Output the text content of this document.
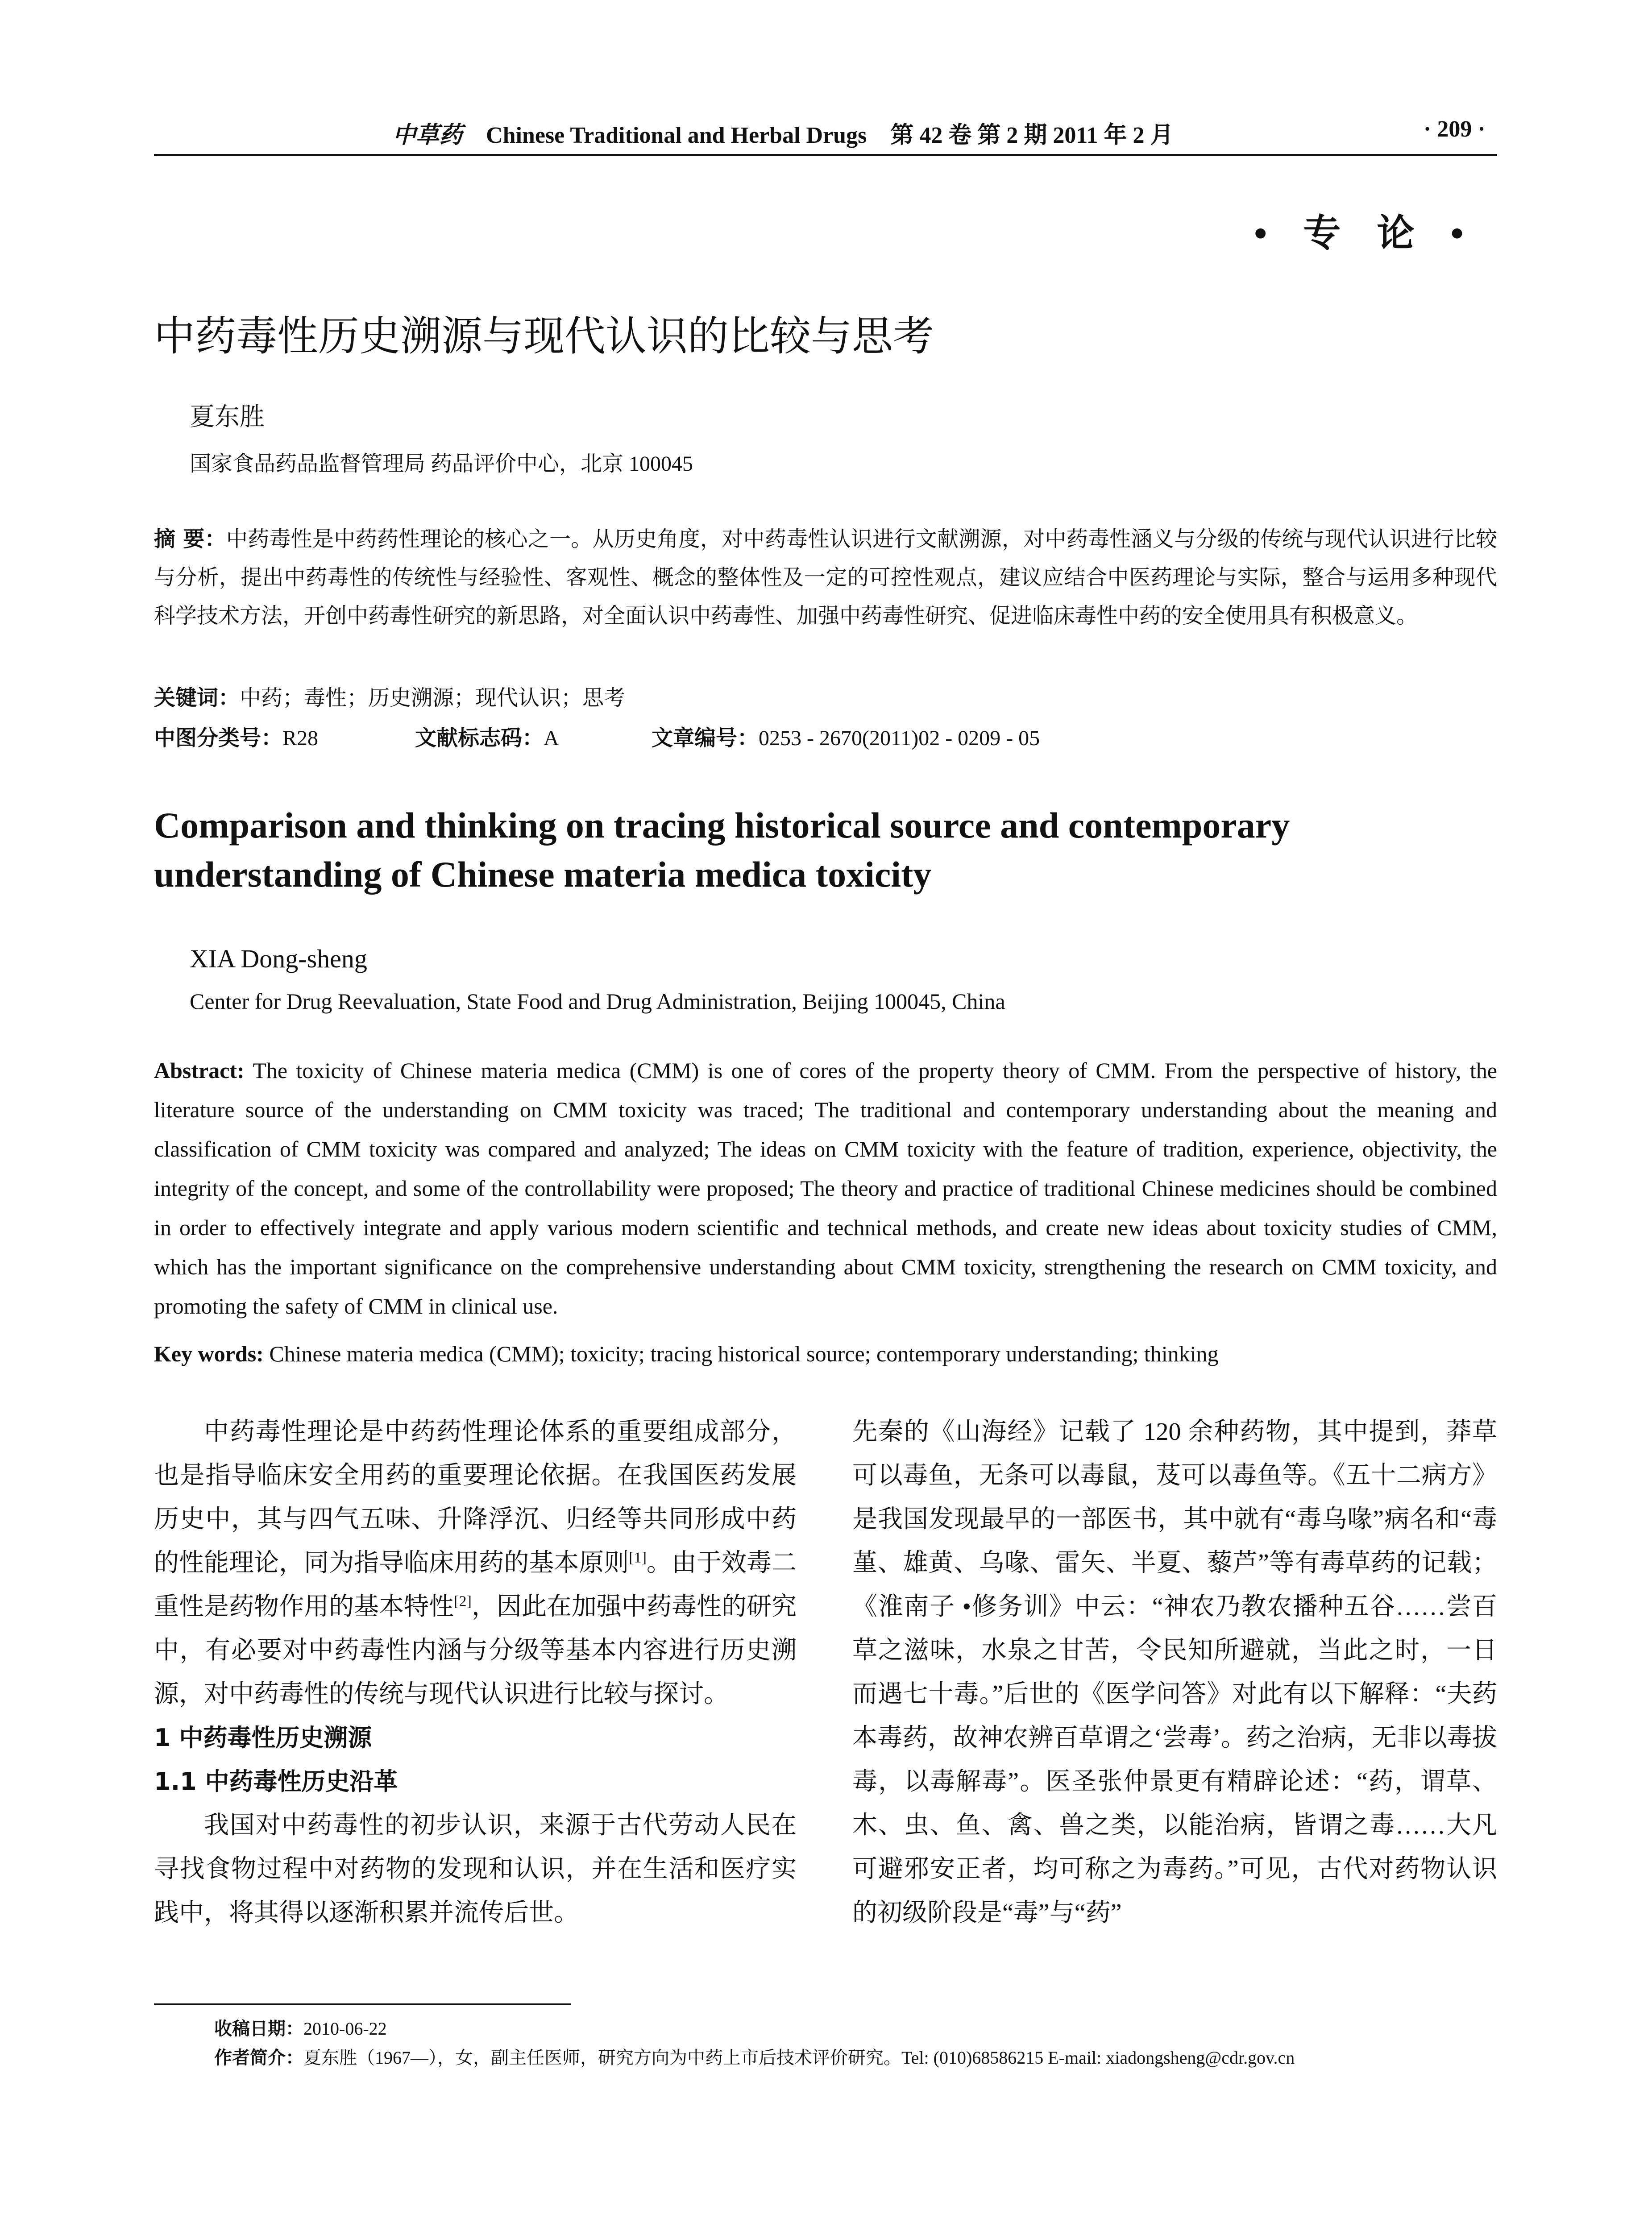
中草药 Chinese Traditional and Herbal Drugs 第 42 卷 第 2 期 2011 年 2 月	· 209 ·
• 专 论 •
中药毒性历史溯源与现代认识的比较与思考
夏东胜
国家食品药品监督管理局 药品评价中心，北京 100045
摘 要：中药毒性是中药药性理论的核心之一。从历史角度，对中药毒性认识进行文献溯源，对中药毒性涵义与分级的传统与现代认识进行比较与分析，提出中药毒性的传统性与经验性、客观性、概念的整体性及一定的可控性观点，建议应结合中医药理论与实际，整合与运用多种现代科学技术方法，开创中药毒性研究的新思路，对全面认识中药毒性、加强中药毒性研究、促进临床毒性中药的安全使用具有积极意义。
关键词：中药；毒性；历史溯源；现代认识；思考
中图分类号：R28	文献标志码：A	文章编号：0253 - 2670(2011)02 - 0209 - 05
Comparison and thinking on tracing historical source and contemporary understanding of Chinese materia medica toxicity
XIA Dong-sheng
Center for Drug Reevaluation, State Food and Drug Administration, Beijing 100045, China
Abstract: The toxicity of Chinese materia medica (CMM) is one of cores of the property theory of CMM. From the perspective of history, the literature source of the understanding on CMM toxicity was traced; The traditional and contemporary understanding about the meaning and classification of CMM toxicity was compared and analyzed; The ideas on CMM toxicity with the feature of tradition, experience, objectivity, the integrity of the concept, and some of the controllability were proposed; The theory and practice of traditional Chinese medicines should be combined in order to effectively integrate and apply various modern scientific and technical methods, and create new ideas about toxicity studies of CMM, which has the important significance on the comprehensive understanding about CMM toxicity, strengthening the research on CMM toxicity, and promoting the safety of CMM in clinical use.
Key words: Chinese materia medica (CMM); toxicity; tracing historical source; contemporary understanding; thinking

中药毒性理论是中药药性理论体系的重要组成部分，也是指导临床安全用药的重要理论依据。在我国医药发展历史中，其与四气五味、升降浮沉、归经等共同形成中药的性能理论，同为指导临床用药的基本原则[1]。由于效毒二重性是药物作用的基本特性[2]，因此在加强中药毒性的研究中，有必要对中药毒性内涵与分级等基本内容进行历史溯源，对中药毒性的传统与现代认识进行比较与探讨。

1 中药毒性历史溯源

1.1 中药毒性历史沿革

我国对中药毒性的初步认识，来源于古代劳动人民在寻找食物过程中对药物的发现和认识，并在生活和医疗实践中，将其得以逐渐积累并流传后世。

先秦的《山海经》记载了 120 余种药物，其中提到，莽草可以毒鱼，无条可以毒鼠，芨可以毒鱼等。《五十二病方》是我国发现最早的一部医书，其中就有“毒乌喙”病名和“毒堇、雄黄、乌喙、雷矢、半夏、藜芦”等有毒草药的记载；《淮南子 •修务训》中云：“神农乃教农播种五谷……尝百草之滋味，水泉之甘苦，令民知所避就，当此之时，一日而遇七十毒。”后世的《医学问答》对此有以下解释：“夫药本毒药，故神农辨百草谓之‘尝毒’。药之治病，无非以毒拔毒，以毒解毒”。医圣张仲景更有精辟论述：“药，谓草、木、虫、鱼、禽、兽之类，以能治病，皆谓之毒……大凡可避邪安正者，均可称之为毒药。”可见，古代对药物认识的初级阶段是“毒”与“药”

收稿日期：2010-06-22
作者简介：夏东胜（1967—），女，副主任医师，研究方向为中药上市后技术评价研究。Tel: (010)68586215 E-mail: xiadongsheng@cdr.gov.cn
